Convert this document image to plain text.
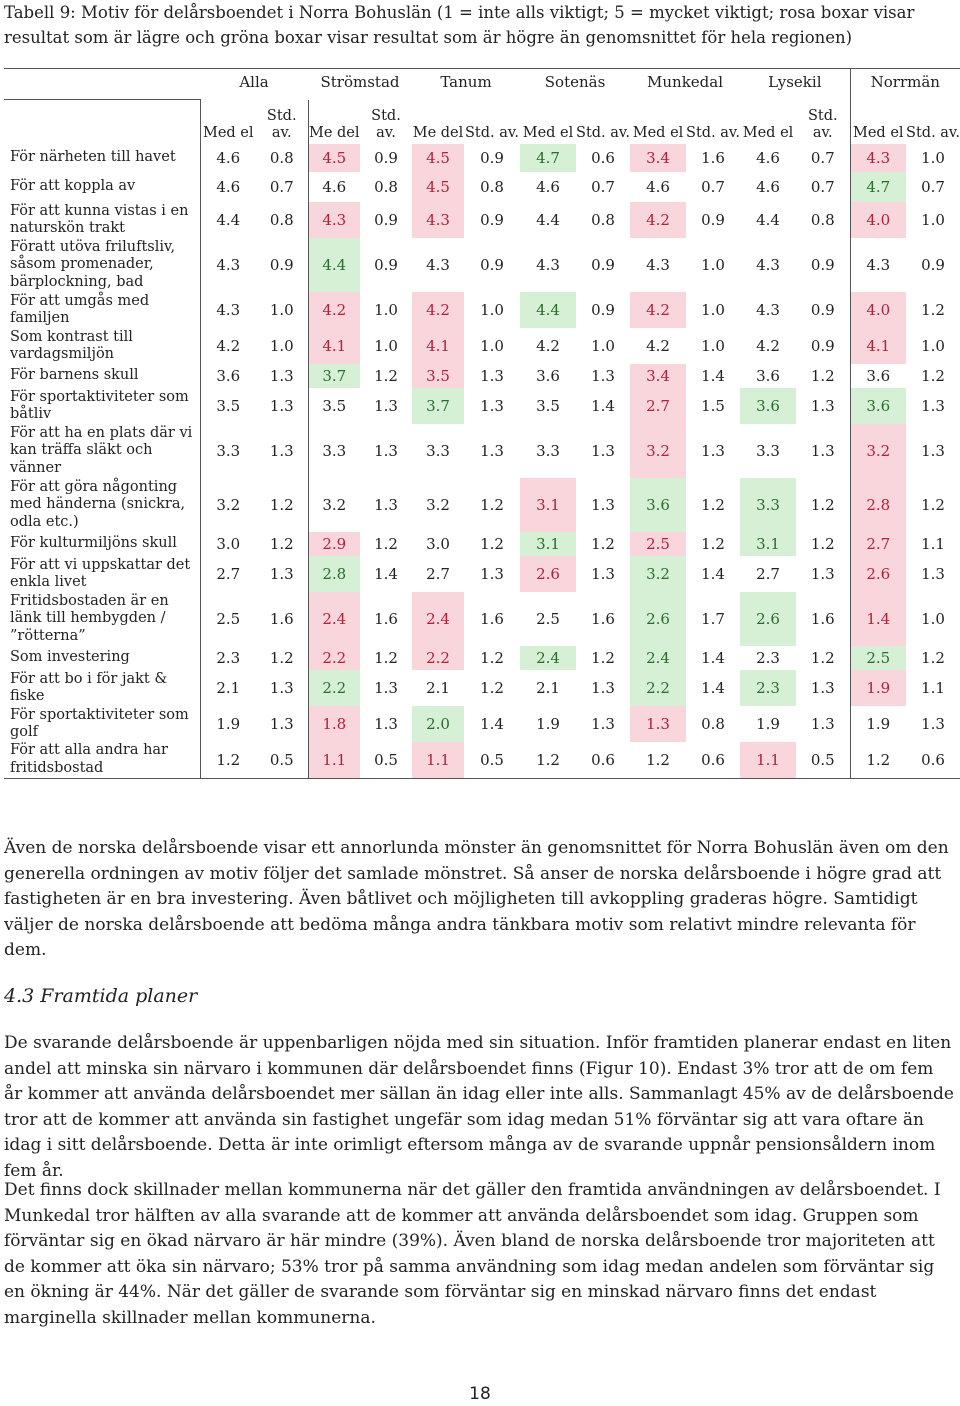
Tabell 9: Motiv för delårsboendet i Norra Bohuslän (1 = inte alls viktigt; 5 = mycket viktigt; rosa boxar visar resultat som är lägre och gröna boxar visar resultat som är högre än genomsnittet för hela regionen)
	Alla		Strömstad		Tanum		Sotenäs		Munkedal		Lysekil		Norrmän	
	Med el	Std. av.	Me del	Std. av.	Me del	Std. av.	Med el	Std. av.	Med el	Std. av.	Med el	Std. av.	Med el	Std. av.
För närheten till havet	4.6	0.8	4.5	0.9	4.5	0.9	4.7	0.6	3.4	1.6	4.6	0.7	4.3	1.0
För att koppla av	4.6	0.7	4.6	0.8	4.5	0.8	4.6	0.7	4.6	0.7	4.6	0.7	4.7	0.7
För att kunna vistas i en naturskön trakt	4.4	0.8	4.3	0.9	4.3	0.9	4.4	0.8	4.2	0.9	4.4	0.8	4.0	1.0
Föratt utöva friluftsliv, såsom promenader, bärplockning, bad	4.3	0.9	4.4	0.9	4.3	0.9	4.3	0.9	4.3	1.0	4.3	0.9	4.3	0.9
För att umgås med familjen	4.3	1.0	4.2	1.0	4.2	1.0	4.4	0.9	4.2	1.0	4.3	0.9	4.0	1.2
Som kontrast till vardagsmiljön	4.2	1.0	4.1	1.0	4.1	1.0	4.2	1.0	4.2	1.0	4.2	0.9	4.1	1.0
För barnens skull	3.6	1.3	3.7	1.2	3.5	1.3	3.6	1.3	3.4	1.4	3.6	1.2	3.6	1.2
För sportaktiviteter som båtliv	3.5	1.3	3.5	1.3	3.7	1.3	3.5	1.4	2.7	1.5	3.6	1.3	3.6	1.3
För att ha en plats där vi kan träffa släkt och vänner	3.3	1.3	3.3	1.3	3.3	1.3	3.3	1.3	3.2	1.3	3.3	1.3	3.2	1.3
För att göra någonting med händerna (snickra, odla etc.)	3.2	1.2	3.2	1.3	3.2	1.2	3.1	1.3	3.6	1.2	3.3	1.2	2.8	1.2
För kulturmiljöns skull	3.0	1.2	2.9	1.2	3.0	1.2	3.1	1.2	2.5	1.2	3.1	1.2	2.7	1.1
För att vi uppskattar det enkla livet	2.7	1.3	2.8	1.4	2.7	1.3	2.6	1.3	3.2	1.4	2.7	1.3	2.6	1.3
Fritidsbostaden är en länk till hembygden / ”rötterna”	2.5	1.6	2.4	1.6	2.4	1.6	2.5	1.6	2.6	1.7	2.6	1.6	1.4	1.0
Som investering	2.3	1.2	2.2	1.2	2.2	1.2	2.4	1.2	2.4	1.4	2.3	1.2	2.5	1.2
För att bo i för jakt & fiske	2.1	1.3	2.2	1.3	2.1	1.2	2.1	1.3	2.2	1.4	2.3	1.3	1.9	1.1
För sportaktiviteter som golf	1.9	1.3	1.8	1.3	2.0	1.4	1.9	1.3	1.3	0.8	1.9	1.3	1.9	1.3
För att alla andra har fritidsbostad	1.2	0.5	1.1	0.5	1.1	0.5	1.2	0.6	1.2	0.6	1.1	0.5	1.2	0.6
Även de norska delårsboende visar ett annorlunda mönster än genomsnittet för Norra Bohuslän även om den generella ordningen av motiv följer det samlade mönstret. Så anser de norska delårsboende i högre grad att fastigheten är en bra investering. Även båtlivet och möjligheten till avkoppling graderas högre. Samtidigt väljer de norska delårsboende att bedöma många andra tänkbara motiv som relativt mindre relevanta för dem.
4.3 Framtida planer
De svarande delårsboende är uppenbarligen nöjda med sin situation. Inför framtiden planerar endast en liten andel att minska sin närvaro i kommunen där delårsboendet finns (Figur 10). Endast 3% tror att de om fem år kommer att använda delårsboendet mer sällan än idag eller inte alls. Sammanlagt 45% av de delårsboende tror att de kommer att använda sin fastighet ungefär som idag medan 51% förväntar sig att vara oftare än idag i sitt delårsboende. Detta är inte orimligt eftersom många av de svarande uppnår pensionsåldern inom fem år.
Det finns dock skillnader mellan kommunerna när det gäller den framtida användningen av delårsboendet. I Munkedal tror hälften av alla svarande att de kommer att använda delårsboendet som idag. Gruppen som förväntar sig en ökad närvaro är här mindre (39%). Även bland de norska delårsboende tror majoriteten att de kommer att öka sin närvaro; 53% tror på samma användning som idag medan andelen som förväntar sig en ökning är 44%. När det gäller de svarande som förväntar sig en minskad närvaro finns det endast marginella skillnader mellan kommunerna.
18
